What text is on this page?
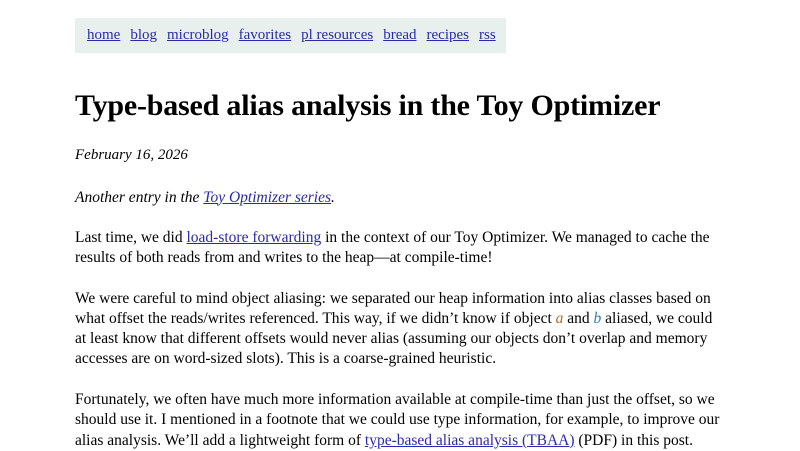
home blog microblog favorites pl resources bread recipes rss
Type-based alias analysis in the Toy Optimizer
February 16, 2026

Another entry in the Toy Optimizer series.

Last time, we did load-store forwarding in the context of our Toy Optimizer. We managed to cache the results of both reads from and writes to the heap—at compile-time!

We were careful to mind object aliasing: we separated our heap information into alias classes based on what offset the reads/writes referenced. This way, if we didn’t know if object a and b aliased, we could at least know that different offsets would never alias (assuming our objects don’t overlap and memory accesses are on word-sized slots). This is a coarse-grained heuristic.

Fortunately, we often have much more information available at compile-time than just the offset, so we should use it. I mentioned in a footnote that we could use type information, for example, to improve our alias analysis. We’ll add a lightweight form of type-based alias analysis (TBAA) (PDF) in this post.
